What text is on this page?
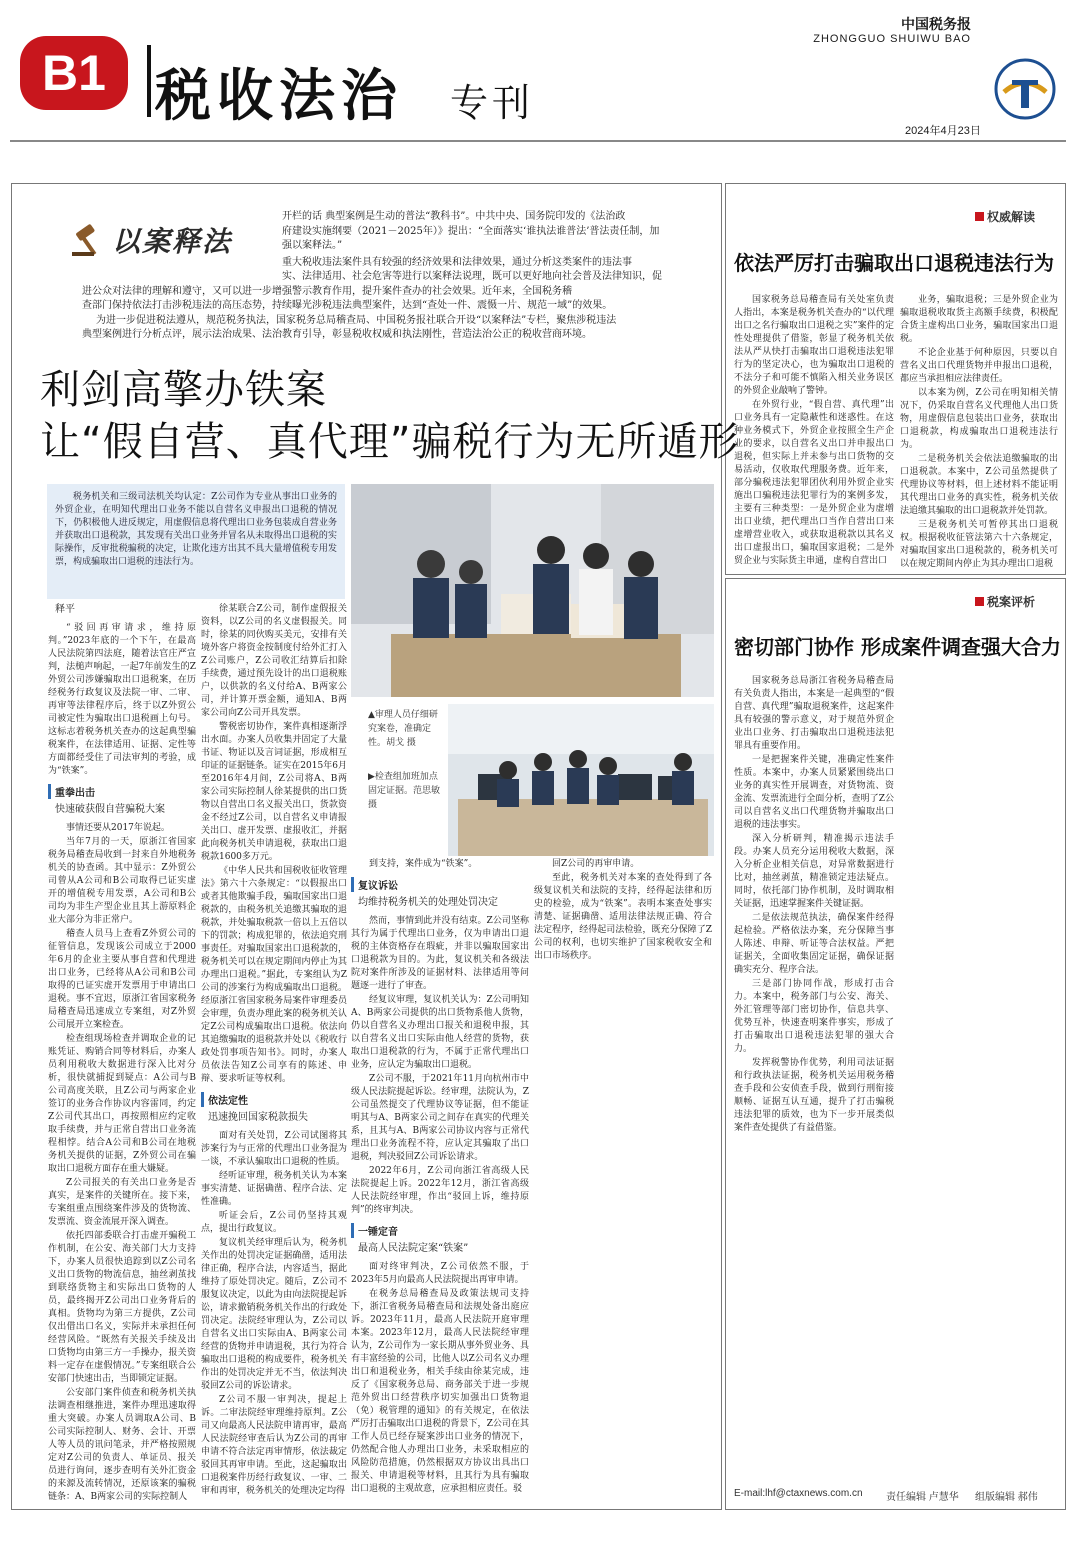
B1 税收法治 专刊
中国税务报
ZHONGGUO SHUIWU BAO
2024年4月23日
以案释法
开栏的话 典型案例是生动的普法“教科书”。中共中央、国务院印发的《法治政
府建设实施纲要（2021－2025年）》提出：“全面落实‘谁执法谁普法’普法责任制，加
强以案释法。”
重大税收违法案件具有较强的经济效果和法律效果，通过分析这类案件的违法事
实、法律适用、社会危害等进行以案释法说理，既可以更好地向社会普及法律知识，促
进公众对法律的理解和遵守，又可以进一步增强警示教育作用，提升案件查办的社会效果。近年来，全国税务稽
查部门保持依法打击涉税违法的高压态势，持续曝光涉税违法典型案件，达到“查处一件、震慑一片、规范一域”的效果。
为进一步促进税法遵从，规范税务执法，国家税务总局稽查局、中国税务报社联合开设“以案释法”专栏，聚焦涉税违法
典型案例进行分析点评，展示法治成果、法治教育引导，彰显税收权威和执法刚性，营造法治公正的税收营商环境。
利剑高擎办铁案
让“假自营、真代理”骗税行为无所遁形
税务机关和三级司法机关均认定：Z公司作为专业从事出口业务的外贸企业，在明知代理出口业务不能以自营名义申报出口退税的情况下，仍积极他人进反规定，用虚假信息将代理出口业务包装成自营业务并获取出口退税款，其发现有关出口业务并冒名从未取得出口退税的实际操作，反审批税骗税的决定，让欺化违方出其不具大量增值税专用发票，构成骗取出口退税的违法行为。
▲审理人员仔细研究案卷，准确定性。胡戈 摄
▶检查组加班加点固定证据。范思敏 摄
释平

“驳回再审请求，维持原判。”2023年底的一个下午，在最高人民法院第四法庭，随着法官庄严宣判，法槌声响起，一起7年前发生的Z外贸公司涉嫌骗取出口退税案，在历经税务行政复议及法院一审、二审、再审等法律程序后，终于以Z外贸公司被定性为骗取出口退税画上句号。这标志着税务机关查办的这起典型骗税案件，在法律适用、证据、定性等方面都经受住了司法审判的考验，成为“铁案”。

重拳出击
快速破获假自营骗税大案

事情还要从2017年说起。

当年7月的一天，原浙江省国家税务局稽查局收到一封来自外地税务机关的协查函。其中显示：Z外贸公司曾从A公司和B公司取得已证实虚开的增值税专用发票，A公司和B公司均为非生产型企业且其上游原料企业大部分为非正常户。

稽查人员马上查看Z外贸公司的征管信息，发现该公司成立于2000年6月的企业主要从事自营和代理进出口业务，已经将从A公司和B公司取得的已证实虚开发票用于申请出口退税。事不宜迟，原浙江省国家税务局稽查局迅速成立专案组，对Z外贸公司展开立案检查。

检查组现场检查并调取企业的记账凭证、购销合同等材料后，办案人员利用税收大数据进行深入比对分析，很快就捕捉到疑点：A公司与B公司高度关联，且Z公司与两家企业签订的业务合作协议内容雷同，约定Z公司代其出口，再按照相应约定收取手续费，并与正常自营出口业务流程相悖。结合A公司和B公司在地税务机关提供的证据，Z外贸公司在骗取出口退税方面存在重大嫌疑。

Z公司报关的有关出口业务是否真实，是案件的关键所在。接下来，专案组重点围绕案件涉及的货物流、发票流、资金流展开深入调查。

依托四部委联合打击虚开骗税工作机制，在公安、海关部门大力支持下，办案人员很快追踪到以Z公司名义出口货物的物流信息，抽丝剥茧找到联络货物主和实际出口货物的人员，最终揭开Z公司出口业务背后的真相。货物均为第三方提供，Z公司仅出借出口名义，实际并未承担任何经营风险。“既然有关报关手续及出口货物均由第三方一手操办，报关资料一定存在虚假情况。”专案组联合公安部门快速出击，当即锁定证据。

公安部门案件侦查和税务机关执法调查相继推进，案件办理迅速取得重大突破。办案人员调取A公司、B公司实际控制人、财务、会计、开票人等人员的讯问笔录，并严格按照规定对Z公司的负责人、单证员、报关员进行询问，逐步查明有关外汇资金的来源及流转情况，还原该案的骗税链条：A、B两家公司的实际控制人

徐某联合Z公司，制作虚假报关资料，以Z公司的名义虚假报关。同时，徐某的同伙购买美元，安排有关境外客户将资金按制度付给外汇打入Z公司账户，Z公司收汇结算后扣除手续费，通过预先设计的出口退税账户，以供款的名义付给A、B两家公司，并计算开票金额，通知A、B两家公司向Z公司开具发票。

警税密切协作，案件真相逐渐浮出水面。办案人员收集并固定了大量书证、物证以及言词证据，形成相互印证的证据链条。证实在2015年6月至2016年4月间，Z公司将A、B两家公司实际控制人徐某提供的出口货物以自营出口名义报关出口，货款资金不经过Z公司，以自营名义申请报关出口、虚开发票、虚报收汇，并据此向税务机关申请退税，获取出口退税款1600多万元。

《中华人民共和国税收征收管理法》第六十六条规定：“以假报出口或者其他欺骗手段，骗取国家出口退税款的，由税务机关追缴其骗取的退税款，并处骗取税款一倍以上五倍以下的罚款；构成犯罪的，依法追究刑事责任。对骗取国家出口退税款的，税务机关可以在规定期间内停止为其办理出口退税。”据此，专案组认为Z公司的涉案行为构成骗取出口退税。经原浙江省国家税务局案件审理委员会审理，负责办理此案的税务机关认定Z公司构成骗取出口退税。依法向其追缴骗取的退税款并处以《税收行政处罚事项告知书》。同时，办案人员依法告知Z公司享有的陈述、申辩、要求听证等权利。

依法定性
迅速挽回国家税款损失

面对有关处罚，Z公司试图将其涉案行为与正常的代理出口业务混为一谈，不承认骗取出口退税的性质。

经听证审理，税务机关认为本案事实清楚、证据确凿、程序合法、定性准确。

听证会后，Z公司仍坚持其观点，提出行政复议。

复议机关经审理后认为，税务机关作出的处罚决定证据确凿，适用法律正确，程序合法，内容适当，据此维持了原处罚决定。随后，Z公司不服复议决定，以此为由向法院提起诉讼，请求撤销税务机关作出的行政处罚决定。法院经审理认为，Z公司以自营名义出口实际由A、B两家公司经营的货物并申请退税，其行为符合骗取出口退税的构成要件，税务机关作出的处罚决定并无不当，依法判决驳回Z公司的诉讼请求。

Z公司不服一审判决，提起上诉。二审法院经审理维持原判。Z公司又向最高人民法院申请再审，最高人民法院经审查后认为Z公司的再审申请不符合法定再审情形，依法裁定驳回其再审申请。至此，这起骗取出口退税案件历经行政复议、一审、二审和再审，税务机关的处理决定均得

到支持，案件成为“铁案”。

复议诉讼
均维持税务机关的处理处罚决定

然而，事情到此并没有结束。Z公司坚称其行为属于代理出口业务，仅为申请出口退税的主体资格存在瑕疵，并非以骗取国家出口退税款为目的。为此，复议机关和各级法院对案件所涉及的证据材料、法律适用等问题逐一进行了审查。

经复议审理，复议机关认为：Z公司明知A、B两家公司提供的出口货物系他人货物，仍以自营名义办理出口报关和退税申报，其以自营名义出口实际由他人经营的货物，获取出口退税款的行为，不属于正常代理出口业务，应认定为骗取出口退税。

Z公司不服，于2021年11月向杭州市中级人民法院提起诉讼。经审理，法院认为，Z公司虽然提交了代理协议等证据，但不能证明其与A、B两家公司之间存在真实的代理关系，且其与A、B两家公司协议内容与正常代理出口业务流程不符，应认定其骗取了出口退税，判决驳回Z公司诉讼请求。

2022年6月，Z公司向浙江省高级人民法院提起上诉。2022年12月，浙江省高级人民法院经审理，作出“驳回上诉，维持原判”的终审判决。

一锤定音
最高人民法院定案“铁案”

面对终审判决，Z公司依然不服，于2023年5月向最高人民法院提出再审申请。

在税务总局稽查局及政策法规司支持下，浙江省税务局稽查局和法规处备出庭应诉。2023年11月，最高人民法院开庭审理本案。2023年12月，最高人民法院经审理认为，Z公司作为一家长期从事外贸业务、具有丰富经验的公司，比他人以Z公司名义办理出口和退税业务，相关手续由徐某完成，违反了《国家税务总局、商务部关于进一步规范外贸出口经营秩序切实加强出口货物退（免）税管理的通知》的有关规定，在依法严厉打击骗取出口退税的背景下，Z公司在其工作人员已经存疑案涉出口业务的情况下，仍然配合他人办理出口业务，未采取相应的风险防范措施，仍然根据双方协议出具出口报关、申请退税等材料，且其行为具有骗取出口退税的主观故意，应承担相应责任。驳

回Z公司的再审申请。

至此，税务机关对本案的查处得到了各级复议机关和法院的支持，经得起法律和历史的检验，成为“铁案”。表明本案查处事实清楚、证据确凿、适用法律法规正确、符合法定程序，经得起司法检验，既充分保障了Z公司的权利，也切实维护了国家税收安全和出口市场秩序。

权威解读
依法严厉打击骗取出口退税违法行为

国家税务总局稽查局有关处室负责人指出，本案是税务机关查办的“以代理出口之名行骗取出口退税之实”案件的定性处理提供了借鉴，彰显了税务机关依法从严从快打击骗取出口退税违法犯罪行为的坚定决心，也为骗取出口退税的不法分子和可能不慎陷入相关业务误区的外贸企业敲响了警钟。

在外贸行业，“假自营、真代理”出口业务具有一定隐蔽性和迷惑性。在这种业务模式下，外贸企业按照全生产企业的要求，以自营名义出口并申报出口退税，但实际上并未参与出口货物的交易活动，仅收取代理服务费。近年来，部分骗税违法犯罪团伙利用外贸企业实施出口骗税违法犯罪行为的案例多发，主要有三种类型：一是外贸企业为虚增出口业绩，把代理出口当作自营出口来虚增营业收入，或获取退税款以其名义出口虚报出口，骗取国家退税；二是外贸企业与实际货主串通，虚构自营出口

业务，骗取退税；三是外贸企业为骗取退税收取货主高额手续费，积极配合货主虚构出口业务，骗取国家出口退税。

不论企业基于何种原因，只要以自营名义出口代理货物并申报出口退税，都应当承担相应法律责任。

以本案为例，Z公司在明知相关情况下，仍采取自营名义代理他人出口货物，用虚假信息包装出口业务，获取出口退税款，构成骗取出口退税违法行为。

二是税务机关会依法追缴骗取的出口退税款。本案中，Z公司虽然提供了代理协议等材料，但上述材料不能证明其代理出口业务的真实性，税务机关依法追缴其骗取的出口退税款并处罚款。

三是税务机关可暂停其出口退税权。根据税收征管法第六十六条规定，对骗取国家出口退税款的，税务机关可以在规定期间内停止为其办理出口退税

税案评析
密切部门协作 形成案件调查强大合力

国家税务总局浙江省税务局稽查局有关负责人指出，本案是一起典型的“假自营、真代理”骗取退税案件，这起案件具有较强的警示意义，对于规范外贸企业出口业务、打击骗取出口退税违法犯罪具有重要作用。

一是把握案件关键，准确定性案件性质。本案中，办案人员紧紧围绕出口业务的真实性开展调查，对货物流、资金流、发票流进行全面分析，查明了Z公司以自营名义出口代理货物并骗取出口退税的违法事实。

深入分析研判，精准揭示违法手段。办案人员充分运用税收大数据，深入分析企业相关信息，对异常数据进行比对，抽丝剥茧，精准锁定违法疑点。同时，依托部门协作机制，及时调取相关证据，迅速掌握案件关键证据。

二是依法规范执法，确保案件经得起检验。严格依法办案，充分保障当事人陈述、申辩、听证等合法权益。严把证据关，全面收集固定证据，确保证据确实充分、程序合法。

三是部门协同作战，形成打击合力。本案中，税务部门与公安、海关、外汇管理等部门密切协作，信息共享、优势互补，快速查明案件事实，形成了打击骗取出口退税违法犯罪的强大合力。

发挥税警协作优势，利用司法证据和行政执法证据，税务机关运用税务稽查手段和公安侦查手段，做到行刑衔接顺畅、证据互认互通，提升了打击骗税违法犯罪的质效，也为下一步开展类似案件查处提供了有益借鉴。

E-mail:lhf@ctaxnews.com.cn 责任编辑 卢慧华 组版编辑 郝伟
